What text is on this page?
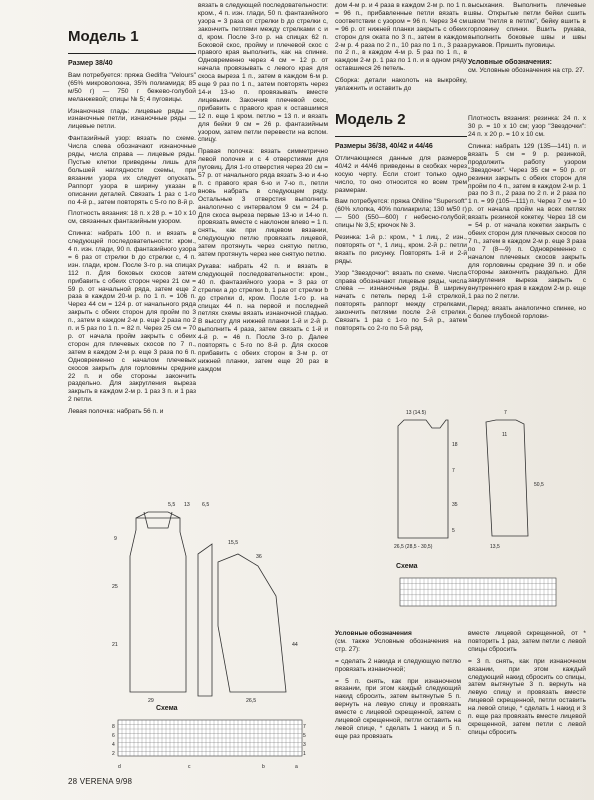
Модель 1
Размер 38/40

Вам потребуется: пряжа Gedifra "Velours" (65% микроволокна, 35% полиамида; 85 м/50 г) — 750 г бежево-голубой меланжевой; спицы № 5; 4 пуговицы.

Изнаночная гладь: лицевые ряды — изнаночные петли, изнаночные ряды — лицевые петли.

Фантазийный узор: вязать по схеме. Числа слева обозначают изнаночные ряды, числа справа — лицевые ряды. Пустые клетки приведены лишь для большей наглядности схемы, при вязании узора их следует опускать. Раппорт узора в ширину указан в описании деталей. Связать 1 раз с 1-го по 4-й р., затем повторять с 5-го по 8-й р.

Плотность вязания: 18 п. х 28 р. = 10 х 10 см, связанных фантазийным узором.

Спинка: набрать 100 п. и вязать в следующей последовательности: кром., 4 п. изн. глади, 90 п. фантазийного узора = 6 раз от стрелки b до стрелки с, 4 п. изн. глади, кром. После 3-го р. на спицах 112 п. Для боковых скосов затем прибавить с обеих сторон через 21 см = 59 р. от начальной ряда, затем еще 2 раза в каждом 20-м р. по 1 п. = 106 п. Через 44 см = 124 р. от начального ряда закрыть с обеих сторон для пройм по 3 п., затем в каждом 2-м р. еще 2 раза по 2 п. и 5 раз по 1 п. = 82 п. Через 25 см = 70 р. от начала пройм закрыть с обеих сторон для плечевых скосов по 7 п., затем в каждом 2-м р. еще 3 раза по 6 п. Одновременно с началом плечевых скосов закрыть для горловины средние 22 п. и обе стороны закончить раздельно. Для закругления выреза закрыть в каждом 2-м р. 1 раз 3 п. и 1 раз 2 петли.

Левая полочка: набрать 56 п. и

вязать в следующей последовательности: кром., 4 п. изн. глади, 50 п. фантазийного узора = 3 раза от стрелки b до стрелки с, закончить петлями между стрелками с и d, кром. После 3-го р. на спицах 62 п. Боковой скос, пройму и плечевой скос с правого края выполнить, как на спинке. Одновременно через 4 см = 12 р. от начала провязывать с левого края для скоса выреза 1 п., затем в каждом 6-м р. еще 9 раз по 1 п., затем повторять через 14-и 13-ю п. провязывать вместе лицевыми. Закончив плечевой скос, прибавить с правого края к оставшимся 12 п. еще 1 кром. петлю = 13 п. и вязать для бейки 9 см = 26 р. фантазийным узором, затем петли перевести на вспом. спицу.

Правая полочка: вязать симметрично левой полочке и с 4 отверстиями для пуговиц. Для 1-го отверстия через 20 см = 57 р. от начального ряда вязать 3-ю и 4-ю п. с правого края 6-ю и 7-ю п., петли вновь набрать в следующем ряду. Остальные 3 отверстия выполнить аналогично с интервалом 9 см = 24 р. Для скоса выреза первые 13-ю и 14-ю п. провязать вместе с наклоном влево = 1 п. снять, как при лицевом вязании, следующую петлю провязать лицевой, затем протянуть через снятую петлю, затем протянуть через нее снятую петлю.

Рукава: набрать 42 п. и вязать в следующей последовательности: кром., 40 п. фантазийного узора = 3 раз от стрелки а до стрелки b, 1 раз от стрелки b до стрелки d, кром. После 1-го р. на спицах 44 п. на первой и последней петлях схемы вязать изнаночной гладью. В высоту для нижней планки 1-й и 2-й р. выполнить 4 раза, затем связать с 1-й и 4-й р. = 46 п. После 3-го р. Далее повторять с 5-го по 8-й р. Для скосов прибавить с обеих сторон в 3-м р. от нижней планки, затем еще 20 раз в каждом

дом 4-м р. и 4 раза в каждом 2-м р. по 1 п. = 96 п., прибавленные петли вязать в соответствии с узором = 96 п. Через 34 см = 96 р. от нижней планки закрыть с обеих сторон для оката по 3 п., затем в каждом 2-м р. 4 раза по 2 п., 10 раз по 1 п., 3 раза по 2 п., в каждом 4-м р. 5 раз по 1 п., в каждом 2-м р. 1 раз по 1 п. и в одном ряду оставшиеся 26 петель.

Сборка: детали наколоть на выкройку, увлажнить и оставить до

Модель 2
Размеры 36/38, 40/42 и 44/46

Отличающиеся данные для размеров 40/42 и 44/46 приведены в скобках через косую черту. Если стоит только одно число, то оно относится ко всем трем размерам.

Вам потребуется: пряжа ONline "Supersoft" (60% хлопка, 40% полиакрила; 130 м/50 г) — 500 (550—600) г небесно-голубой; спицы № 3,5; крючок № 3.

Резинка: 1-й р.: кром., * 1 лиц., 2 изн., повторять от *, 1 лиц., кром. 2-й р.: петли вязать по рисунку. Повторять 1-й и 2-й ряды.

Узор "Звездочки": вязать по схеме. Числа справа обозначают лицевые ряды, числа слева — изнаночные ряды. В ширину начать с петель перед 1-й стрелкой, повторять раппорт между стрелками, закончить петлями после 2-й стрелки. Связать 1 раз с 1-го по 5-й р., затем повторять со 2-го по 5-й ряд.

высыхания. Выполнить плечевые швы. Открытые петли бейки сшить швом "петля в петлю", бейку вшить в горловину спинки. Вшить рукава, выполнить боковые швы и швы рукавов. Пришить пуговицы.

Условные обозначения:

см. Условные обозначения на стр. 27.

Плотность вязания: резинка: 24 п. х 30 р. = 10 х 10 см; узор "Звездочки": 24 п. х 20 р. = 10 х 10 см.

Спинка: набрать 129 (135—141) п. и вязать 5 см = 9 р. резинкой, продолжить работу узором "Звездочки". Через 35 см = 50 р. от резинки закрыть с обеих сторон для пройм по 4 п., затем в каждом 2-м р. 1 раз по 3 п., 2 раза по 2 п. и 2 раза по 1 п. = 99 (105—111) п. Через 7 см = 10 р. от начала пройм на всех петлях вязать резинкой кокетку. Через 18 см = 54 р. от начала кокетки закрыть с обеих сторон для плечевых скосов по 7 п., затем в каждом 2-м р. еще 3 раза по 7 (8—9) п. Одновременно с началом плечевых скосов закрыть для горловины средние 39 п. и обе стороны закончить раздельно. Для закругления выреза закрыть с внутреннего края в каждом 2-м р. еще 1 раз по 2 петли.

Перед: вязать аналогично спинке, но с более глубокой горлови-

5,5 13 6,5
15,5
9
25
21
36
44
29	26,5
Схема
8
6
4
2
7
5
3
1
d	c	b	a
13 (14.5)
18
7
35
5
26,5 (28,5 - 30,5)
7
11
50,5
13,5
Схема
Условные обозначения

(см. также Условные обозначения на стр. 27):

= сделать 2 накида и следующую петлю провязать изнаночной;

= 5 п. снять, как при изнаночном вязании, при этом каждый следующий накид сбросить, затем вытянутые 5 п. вернуть на левую спицу и провязать вместе с лицевой скрещенной, затем с лицевой скрещенной, петли оставить на левой спице, * сделать 1 накид и 5 п. еще раз провязать

вместе лицевой скрещенной, от * повторить 1 раз, затем петли с левой спицы сбросить

= 3 п. снять, как при изнаночном вязании, при этом каждый следующий накид сбросить со спицы, затем вытянутые 3 п. вернуть на левую спицу и провязать вместе лицевой скрещенной, петли оставить на левой спице, * сделать 1 накид и 3 п. еще раз провязать вместе лицевой скрещенной, затем петли с левой спицы сбросить

28 VERENA 9/98
